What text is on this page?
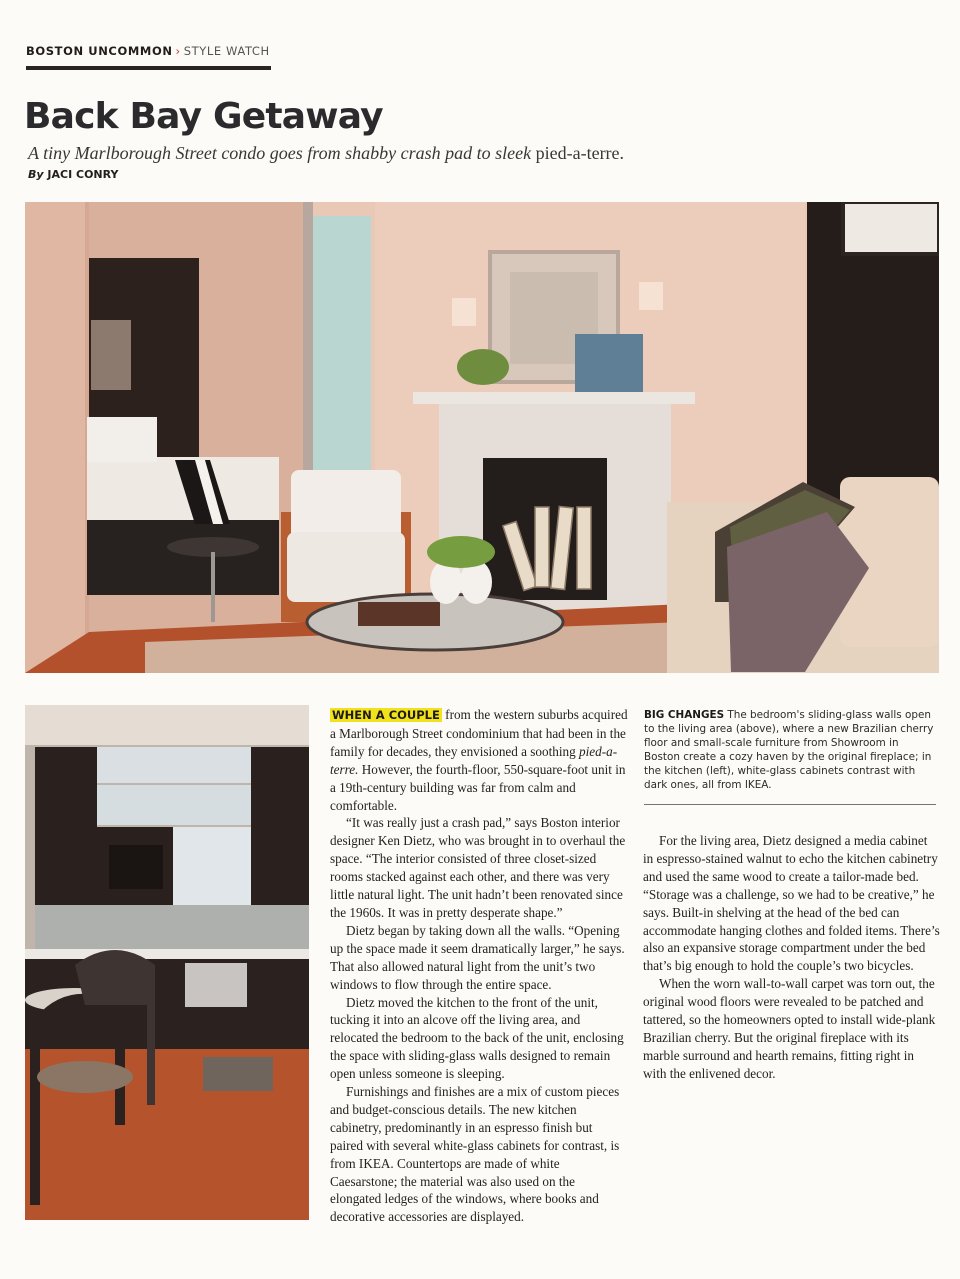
BOSTON UNCOMMON › STYLE WATCH
Back Bay Getaway
A tiny Marlborough Street condo goes from shabby crash pad to sleek pied-a-terre.
By JACI CONRY
BIG CHANGES The bedroom's sliding-glass walls open to the living area (above), where a new Brazilian cherry floor and small-scale furniture from Showroom in Boston create a cozy haven by the original fireplace; in the kitchen (left), white-glass cabinets contrast with dark ones, all from IKEA.

WHEN A COUPLE from the western suburbs acquired a Marlborough Street condominium that had been in the family for decades, they envisioned a soothing pied-a-terre. However, the fourth-floor, 550-square-foot unit in a 19th-century building was far from calm and comfortable.

“It was really just a crash pad,” says Boston interior designer Ken Dietz, who was brought in to overhaul the space. “The interior consisted of three closet-sized rooms stacked against each other, and there was very little natural light. The unit hadn’t been renovated since the 1960s. It was in pretty desperate shape.”

Dietz began by taking down all the walls. “Opening up the space made it seem dramatically larger,” he says. That also allowed natural light from the unit’s two windows to flow through the entire space.

Dietz moved the kitchen to the front of the unit, tucking it into an alcove off the living area, and relocated the bedroom to the back of the unit, enclosing the space with sliding-glass walls designed to remain open unless someone is sleeping.

Furnishings and finishes are a mix of custom pieces and budget-conscious details. The new kitchen cabinetry, predominantly in an espresso finish but paired with several white-glass cabinets for contrast, is from IKEA. Countertops are made of white Caesarstone; the material was also used on the elongated ledges of the windows, where books and decorative accessories are displayed.

For the living area, Dietz designed a media cabinet in espresso-stained walnut to echo the kitchen cabinetry and used the same wood to create a tailor-made bed. “Storage was a challenge, so we had to be creative,” he says. Built-in shelving at the head of the bed can accommodate hanging clothes and folded items. There’s also an expansive storage compartment under the bed that’s big enough to hold the couple’s two bicycles.

When the worn wall-to-wall carpet was torn out, the original wood floors were revealed to be patched and tattered, so the homeowners opted to install wide-plank Brazilian cherry. But the original fireplace with its marble surround and hearth remains, fitting right in with the enlivened decor.
